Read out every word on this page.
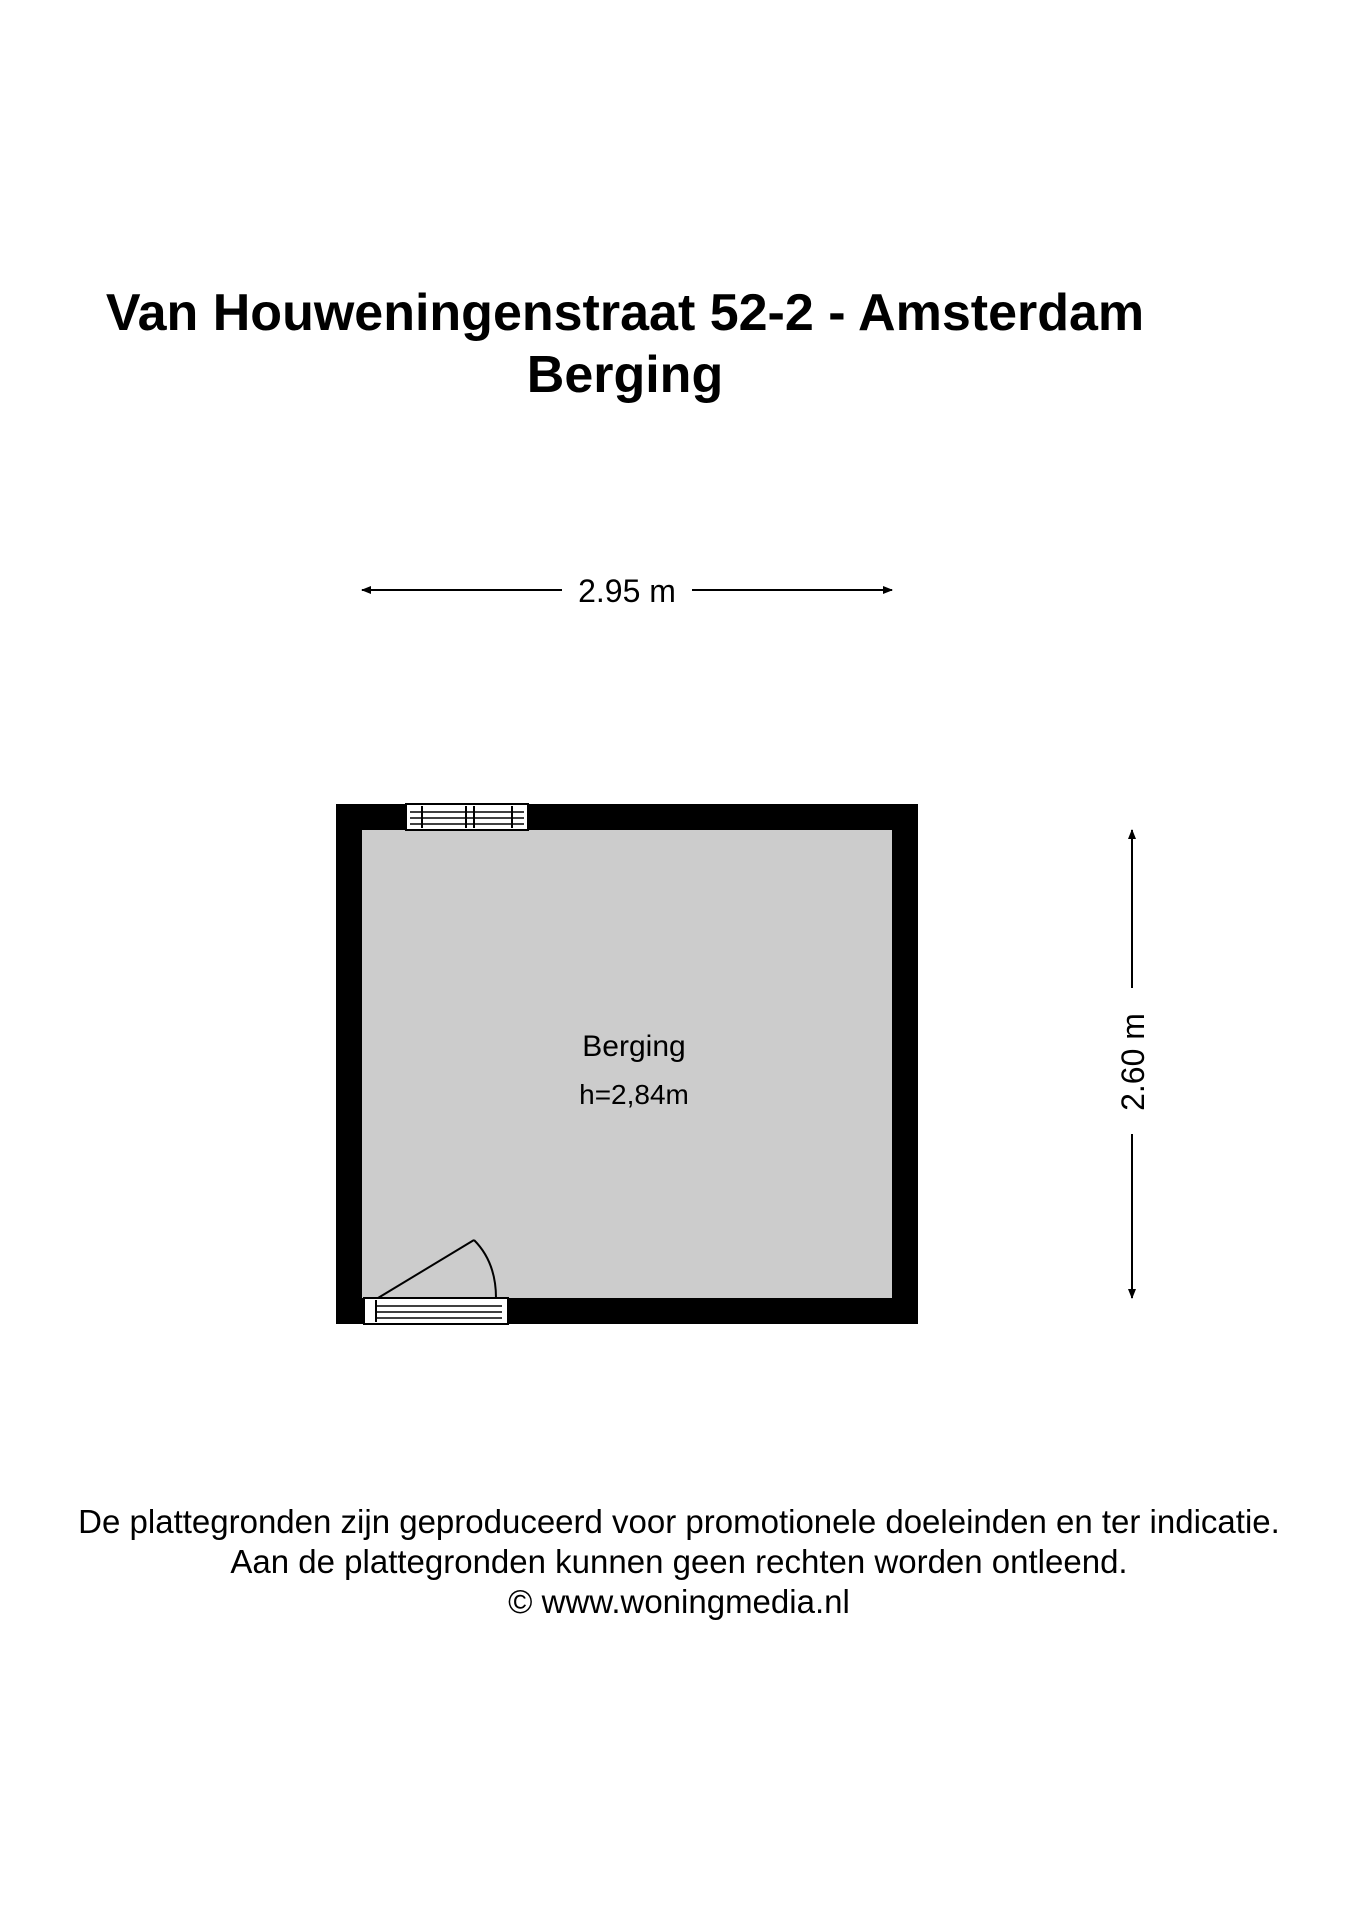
Van Houweningenstraat 52-2 - Amsterdam
Berging
2.95 m
2.60 m
Berging
h=2,84m
De plattegronden zijn geproduceerd voor promotionele doeleinden en ter indicatie.
Aan de plattegronden kunnen geen rechten worden ontleend.
© www.woningmedia.nl
